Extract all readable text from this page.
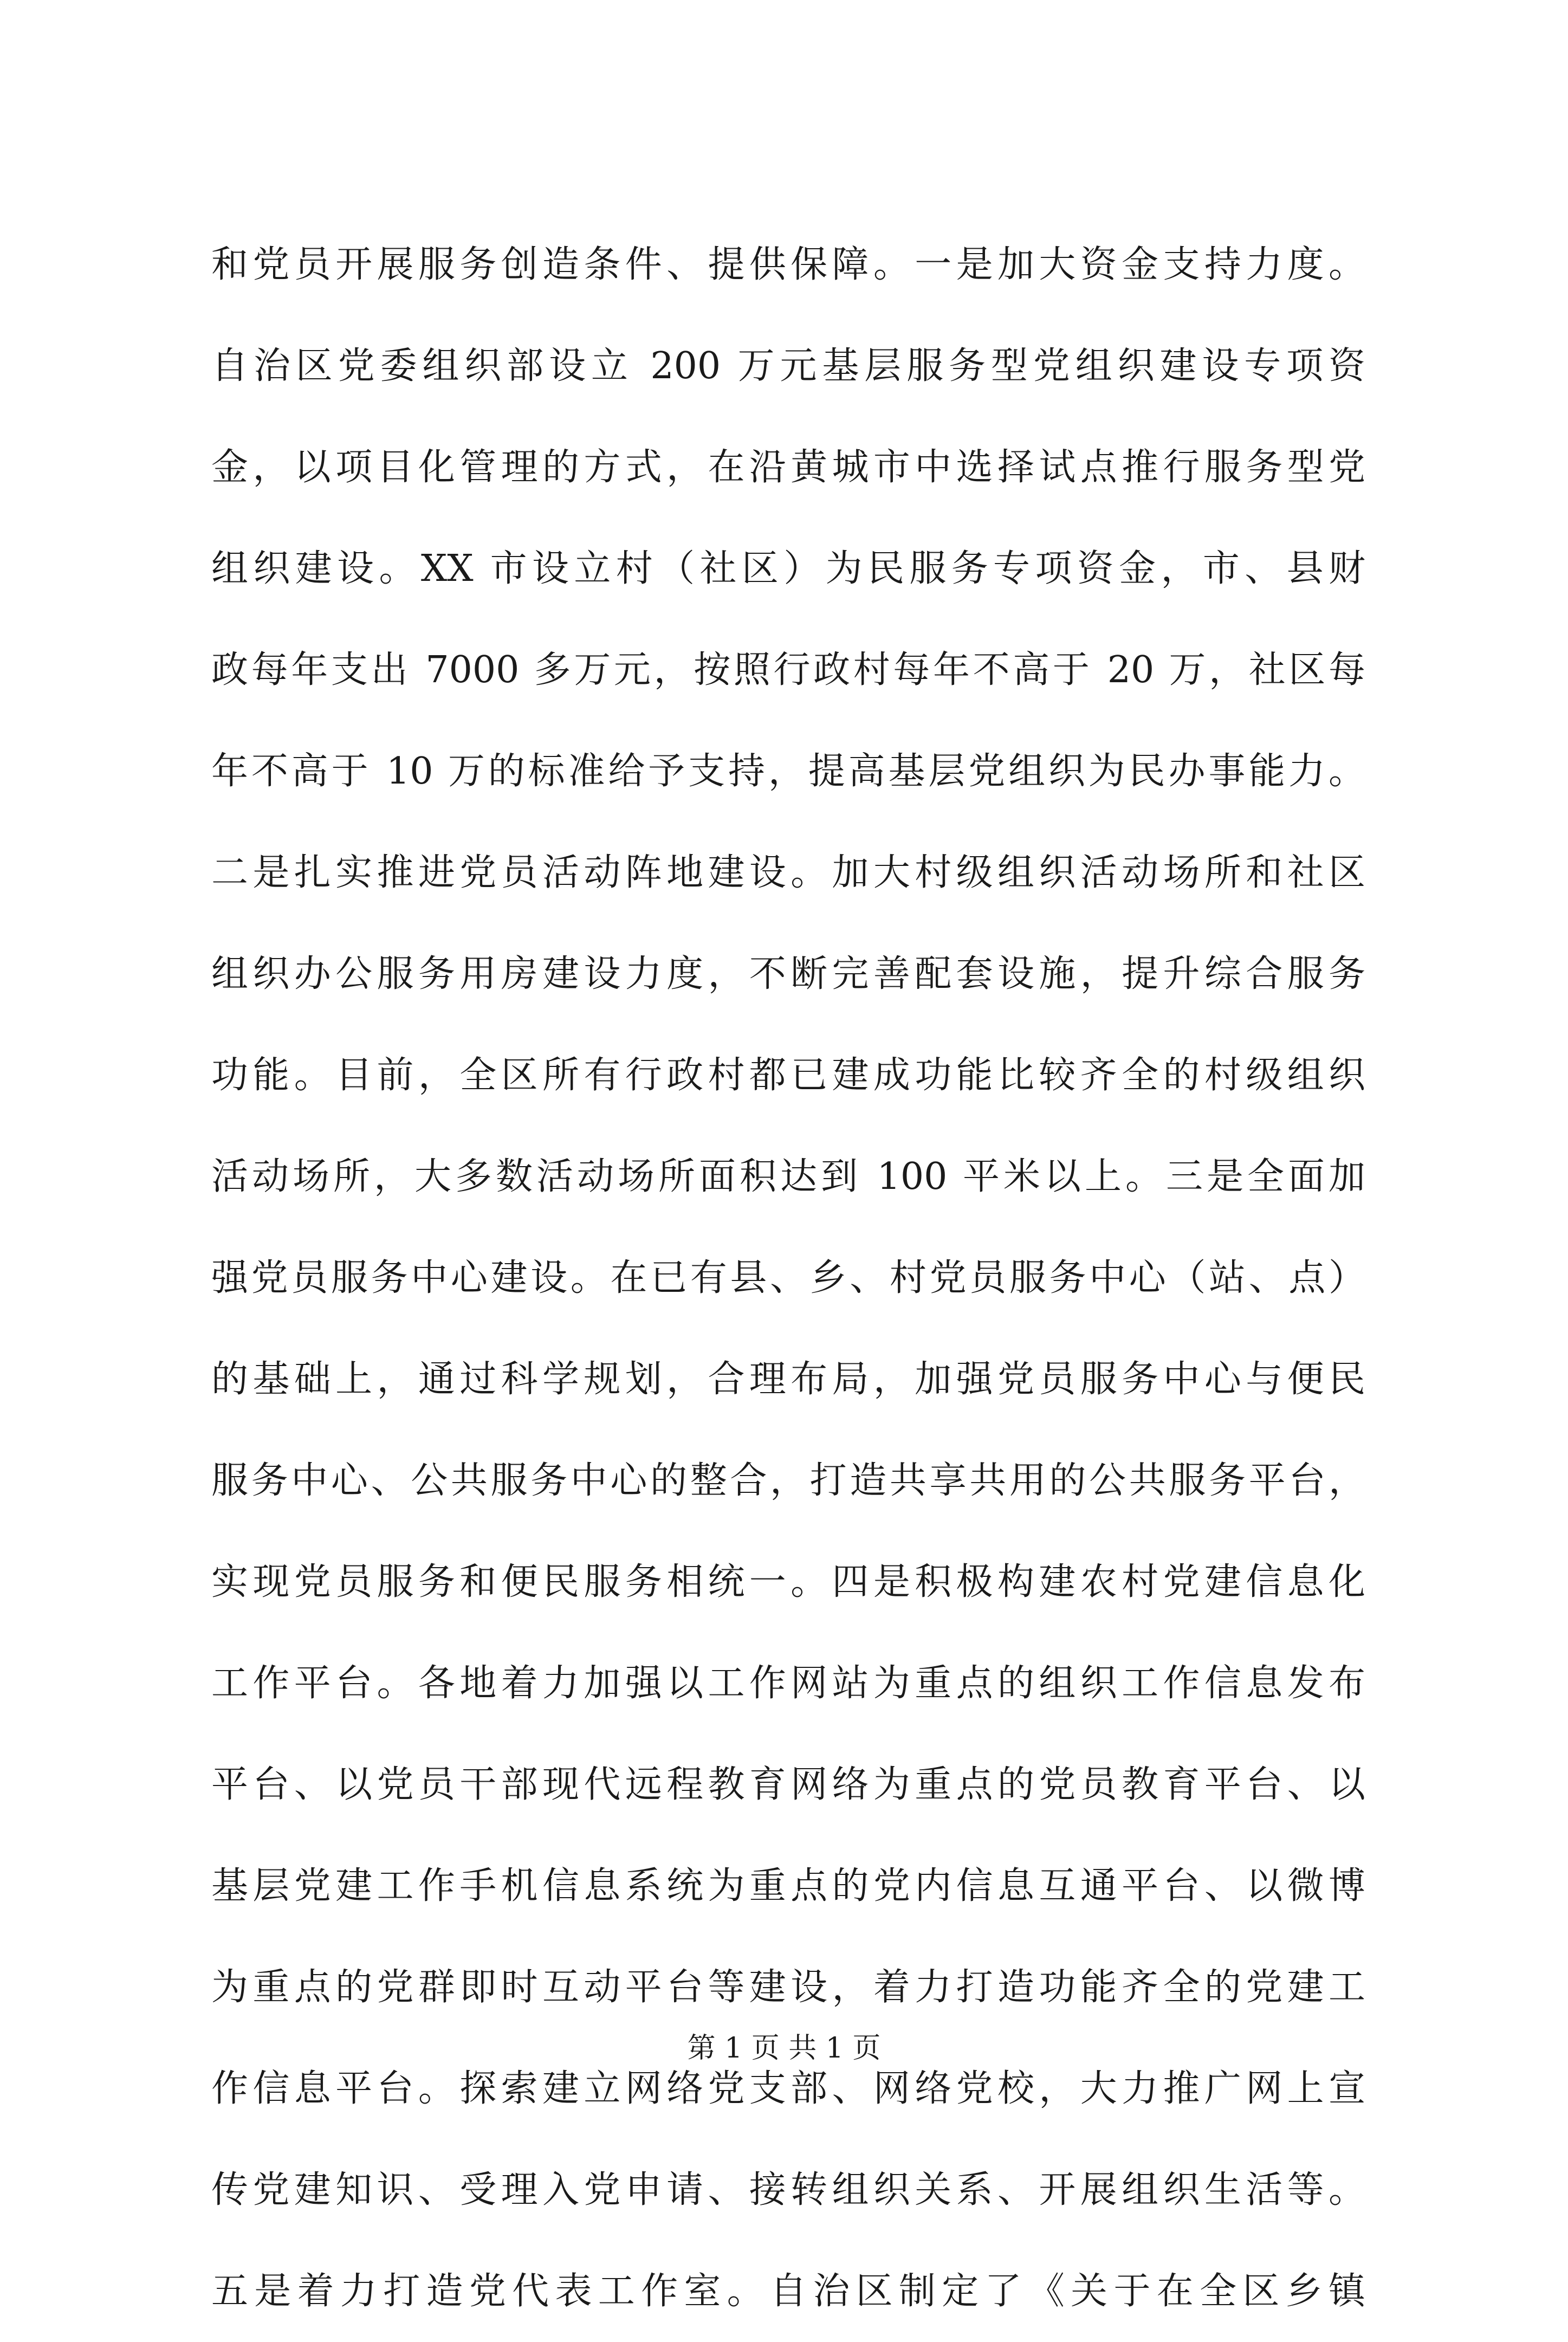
和党员开展服务创造条件、提供保障。一是加大资金支持力度。
自治区党委组织部设立 200 万元基层服务型党组织建设专项资
金，以项目化管理的方式，在沿黄城市中选择试点推行服务型党
组织建设。XX 市设立村（社区）为民服务专项资金，市、县财
政每年支出 7000 多万元，按照行政村每年不高于 20 万，社区每
年不高于 10 万的标准给予支持，提高基层党组织为民办事能力。
二是扎实推进党员活动阵地建设。加大村级组织活动场所和社区
组织办公服务用房建设力度，不断完善配套设施，提升综合服务
功能。目前，全区所有行政村都已建成功能比较齐全的村级组织
活动场所，大多数活动场所面积达到 100 平米以上。三是全面加
强党员服务中心建设。在已有县、乡、村党员服务中心（站、点）
的基础上，通过科学规划，合理布局，加强党员服务中心与便民
服务中心、公共服务中心的整合，打造共享共用的公共服务平台，
实现党员服务和便民服务相统一。四是积极构建农村党建信息化
工作平台。各地着力加强以工作网站为重点的组织工作信息发布
平台、以党员干部现代远程教育网络为重点的党员教育平台、以
基层党建工作手机信息系统为重点的党内信息互通平台、以微博
为重点的党群即时互动平台等建设，着力打造功能齐全的党建工
作信息平台。探索建立网络党支部、网络党校，大力推广网上宣
传党建知识、受理入党申请、接转组织关系、开展组织生活等。
五是着力打造党代表工作室。自治区制定了《关于在全区乡镇
第 1 页 共 1 页
